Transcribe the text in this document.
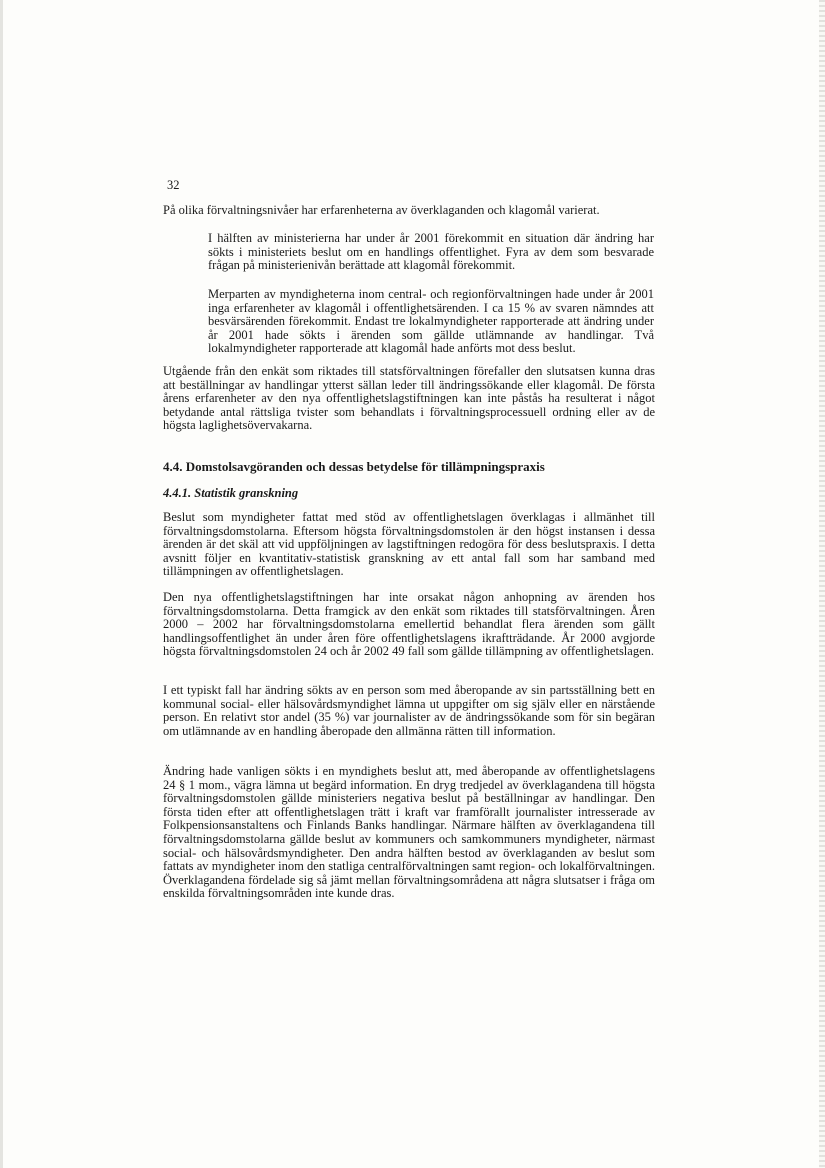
32

På olika förvaltningsnivåer har erfarenheterna av överklaganden och klagomål varierat.

I hälften av ministerierna har under år 2001 förekommit en situation där ändring har sökts i ministeriets beslut om en handlings offentlighet. Fyra av dem som besvarade frågan på ministerienivån berättade att klagomål förekommit.

Merparten av myndigheterna inom central- och regionförvaltningen hade under år 2001 inga erfarenheter av klagomål i offentlighetsärenden. I ca 15 % av svaren nämndes att besvärsärenden förekommit. Endast tre lokalmyndigheter rapporterade att ändring under år 2001 hade sökts i ärenden som gällde utlämnande av handlingar. Två lokalmyndigheter rapporterade att klagomål hade anförts mot dess beslut.

Utgående från den enkät som riktades till statsförvaltningen förefaller den slutsatsen kunna dras att beställningar av handlingar ytterst sällan leder till ändringssökande eller klagomål. De första årens erfarenheter av den nya offentlighetslagstiftningen kan inte påstås ha resulterat i något betydande antal rättsliga tvister som behandlats i förvaltningsprocessuell ordning eller av de högsta laglighetsövervakarna.

4.4. Domstolsavgöranden och dessas betydelse för tillämpningspraxis
4.4.1. Statistik granskning

Beslut som myndigheter fattat med stöd av offentlighetslagen överklagas i allmänhet till förvaltningsdomstolarna. Eftersom högsta förvaltningsdomstolen är den högst instansen i dessa ärenden är det skäl att vid uppföljningen av lagstiftningen redogöra för dess beslutspraxis. I detta avsnitt följer en kvantitativ-statistisk granskning av ett antal fall som har samband med tillämpningen av offentlighetslagen.

Den nya offentlighetslagstiftningen har inte orsakat någon anhopning av ärenden hos förvaltningsdomstolarna. Detta framgick av den enkät som riktades till statsförvaltningen. Åren 2000 – 2002 har förvaltningsdomstolarna emellertid behandlat flera ärenden som gällt handlingsoffentlighet än under åren före offentlighetslagens ikraftträdande. År 2000 avgjorde högsta förvaltningsdomstolen 24 och år 2002 49 fall som gällde tillämpning av offentlighetslagen.

I ett typiskt fall har ändring sökts av en person som med åberopande av sin partsställning bett en kommunal social- eller hälsovårdsmyndighet lämna ut uppgifter om sig själv eller en närstående person. En relativt stor andel (35 %) var journalister av de ändringssökande som för sin begäran om utlämnande av en handling åberopade den allmänna rätten till information.

Ändring hade vanligen sökts i en myndighets beslut att, med åberopande av offentlighetslagens 24 § 1 mom., vägra lämna ut begärd information. En dryg tredjedel av överklagandena till högsta förvaltningsdomstolen gällde ministeriers negativa beslut på beställningar av handlingar. Den första tiden efter att offentlighetslagen trätt i kraft var framförallt journalister intresserade av Folkpensionsanstaltens och Finlands Banks handlingar. Närmare hälften av överklagandena till förvaltningsdomstolarna gällde beslut av kommuners och samkommuners myndigheter, närmast social- och hälsovårdsmyndigheter. Den andra hälften bestod av överklaganden av beslut som fattats av myndigheter inom den statliga centralförvaltningen samt region- och lokalförvaltningen. Överklagandena fördelade sig så jämt mellan förvaltningsområdena att några slutsatser i fråga om enskilda förvaltningsområden inte kunde dras.
